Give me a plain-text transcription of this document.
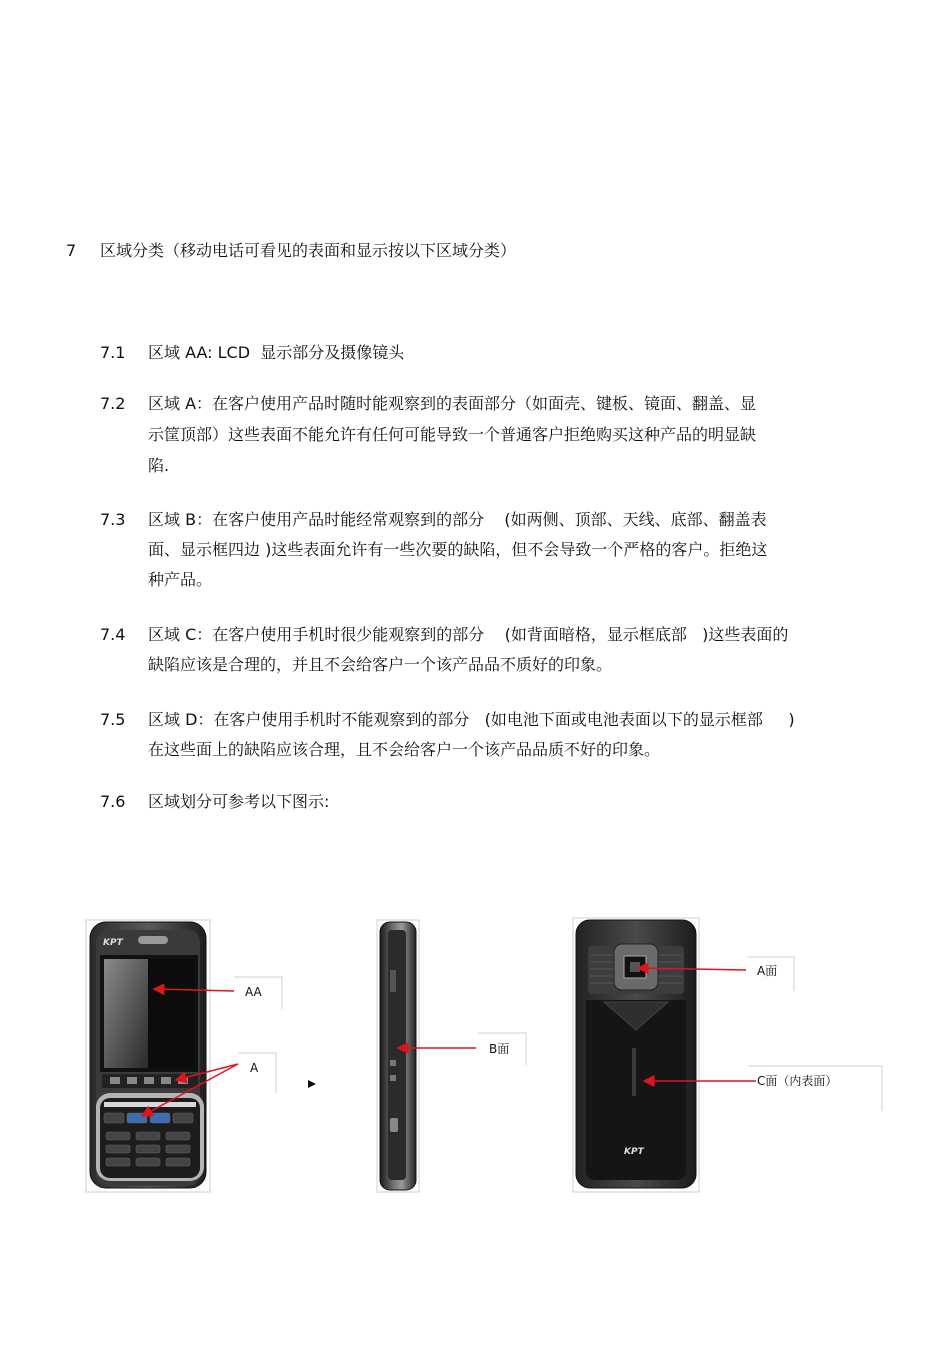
7 区域分类（移动电话可看见的表面和显示按以下区域分类）
7.1 区域 AA: LCD  显示部分及摄像镜头
7.2 区域 A：在客户使用产品时随时能观察到的表面部分（如面壳、键板、镜面、翻盖、显
示筐顶部）这些表面不能允许有任何可能导致一个普通客户拒绝购买这种产品的明显缺
陷.
7.3 区域 B：在客户使用产品时能经常观察到的部分    (如两侧、顶部、天线、底部、翻盖表
面、显示框四边 )这些表面允许有一些次要的缺陷，但不会导致一个严格的客户。拒绝这
种产品。
7.4 区域 C：在客户使用手机时很少能观察到的部分    (如背面暗格，显示框底部   )这些表面的
缺陷应该是合理的，并且不会给客户一个该产品品不质好的印象。
7.5 区域 D：在客户使用手机时不能观察到的部分   (如电池下面或电池表面以下的显示框部     )
在这些面上的缺陷应该合理，且不会给客户一个该产品品质不好的印象。
7.6 区域划分可参考以下图示:
KPT
KPT
AA
A
B面
A面
C面（内表面）
